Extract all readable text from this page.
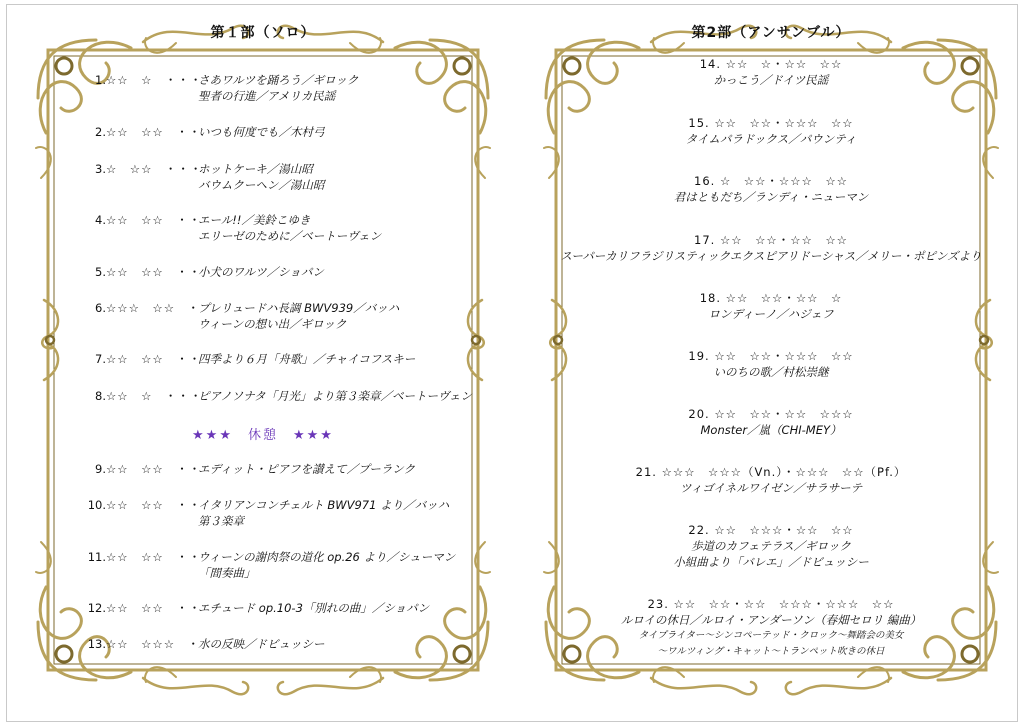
第１部（ソロ）	第2部（アンサンブル）
1.☆☆　☆　・・・
さあワルツを踊ろう／ギロック
聖者の行進／アメリカ民謡
2.☆☆　☆☆　・・
いつも何度でも／木村弓
3.☆　☆☆　・・・
ホットケーキ／湯山昭
バウムクーヘン／湯山昭
4.☆☆　☆☆　・・
エール!!／美鈴こゆき
エリーゼのために／ベートーヴェン
5.☆☆　☆☆　・・
小犬のワルツ／ショパン
6.☆☆☆　☆☆　・
プレリュードハ長調 BWV939／バッハ
ウィーンの想い出／ギロック
7.☆☆　☆☆　・・
四季より６月「舟歌」／チャイコフスキー
8.☆☆　☆　・・・
ピアノソナタ「月光」より第３楽章／ベートーヴェン
9.☆☆　☆☆　・・
エディット・ピアフを讃えて／プーランク
10.☆☆　☆☆　・・
イタリアンコンチェルト BWV971 より／バッハ
第３楽章
11.☆☆　☆☆　・・
ウィーンの謝肉祭の道化 op.26 より／シューマン
「間奏曲」
12.☆☆　☆☆　・・
エチュード op.10-3「別れの曲」／ショパン
13.☆☆　☆☆☆　・
水の反映／ドビュッシー
★★★　休憩　★★★
14. ☆☆　☆・☆☆　☆☆
かっこう／ドイツ民謡
15. ☆☆　☆☆・☆☆☆　☆☆
タイムパラドックス／パウンティ
16. ☆　☆☆・☆☆☆　☆☆
君はともだち／ランディ・ニューマン
17. ☆☆　☆☆・☆☆　☆☆
スーパーカリフラジリスティックエクスピアリドーシャス／メリー・ポピンズより
18. ☆☆　☆☆・☆☆　☆
ロンディーノ／ハジェフ
19. ☆☆　☆☆・☆☆☆　☆☆
いのちの歌／村松崇継
20. ☆☆　☆☆・☆☆　☆☆☆
Monster／嵐（CHI-MEY）
21. ☆☆☆　☆☆☆（Vn.）・☆☆☆　☆☆（Pf.）
ツィゴイネルワイゼン／サラサーテ
22. ☆☆　☆☆☆・☆☆　☆☆
歩道のカフェテラス／ギロック
小組曲より「バレエ」／ドビュッシー
23. ☆☆　☆☆・☆☆　☆☆☆・☆☆☆　☆☆
ルロイの休日／ルロイ・アンダーソン（春畑セロリ 編曲）
タイプライター～シンコペーテッド・クロック～舞踏会の美女
～ワルツィング・キャット～トランペット吹きの休日
